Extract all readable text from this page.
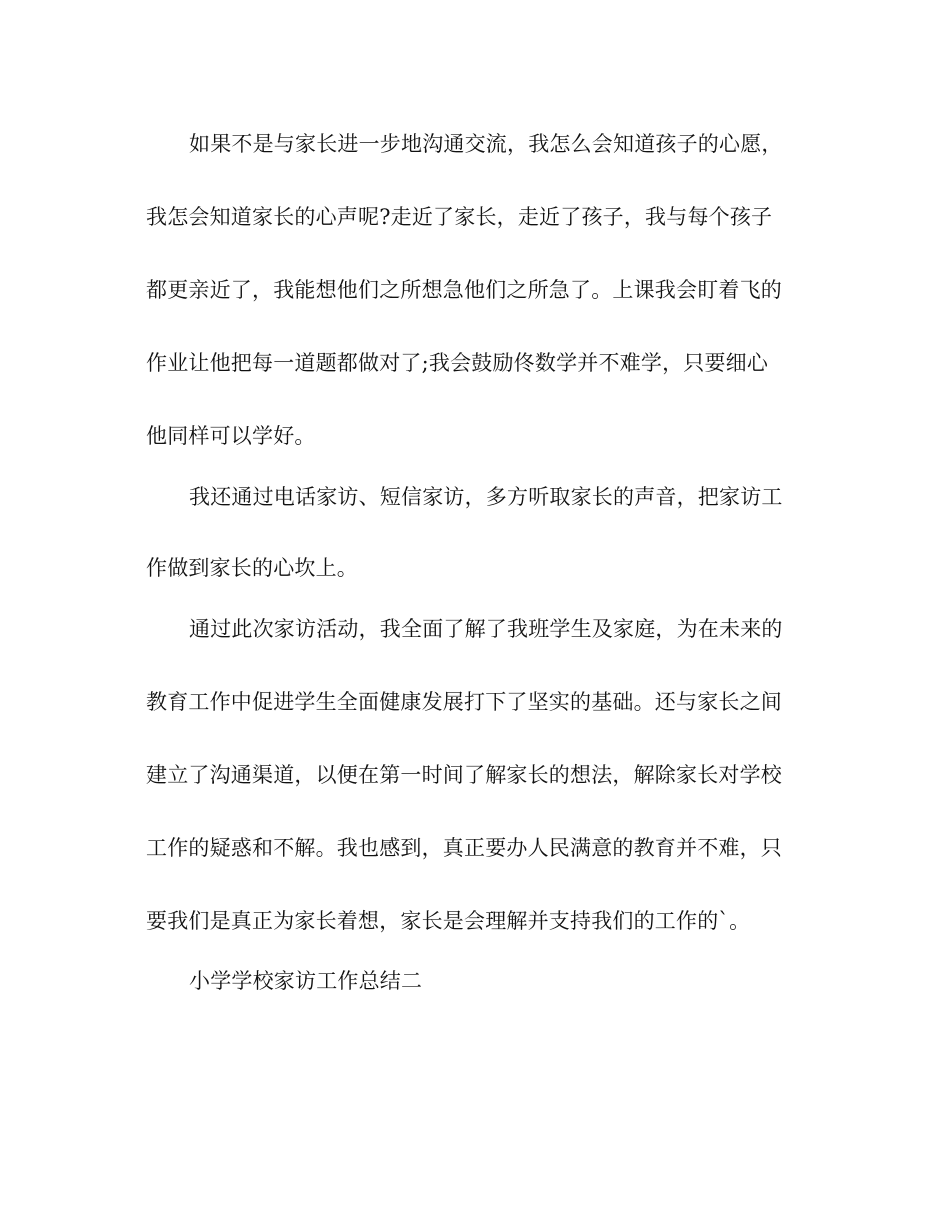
如果不是与家长进一步地沟通交流，我怎么会知道孩子的心愿，
我怎会知道家长的心声呢?走近了家长，走近了孩子，我与每个孩子
都更亲近了，我能想他们之所想急他们之所急了。上课我会盯着飞的
作业让他把每一道题都做对了;我会鼓励佟数学并不难学，只要细心
他同样可以学好。
我还通过电话家访、短信家访，多方听取家长的声音，把家访工
作做到家长的心坎上。
通过此次家访活动，我全面了解了我班学生及家庭，为在未来的
教育工作中促进学生全面健康发展打下了坚实的基础。还与家长之间
建立了沟通渠道，以便在第一时间了解家长的想法，解除家长对学校
工作的疑惑和不解。我也感到，真正要办人民满意的教育并不难，只
要我们是真正为家长着想，家长是会理解并支持我们的工作的`。
小学学校家访工作总结二
